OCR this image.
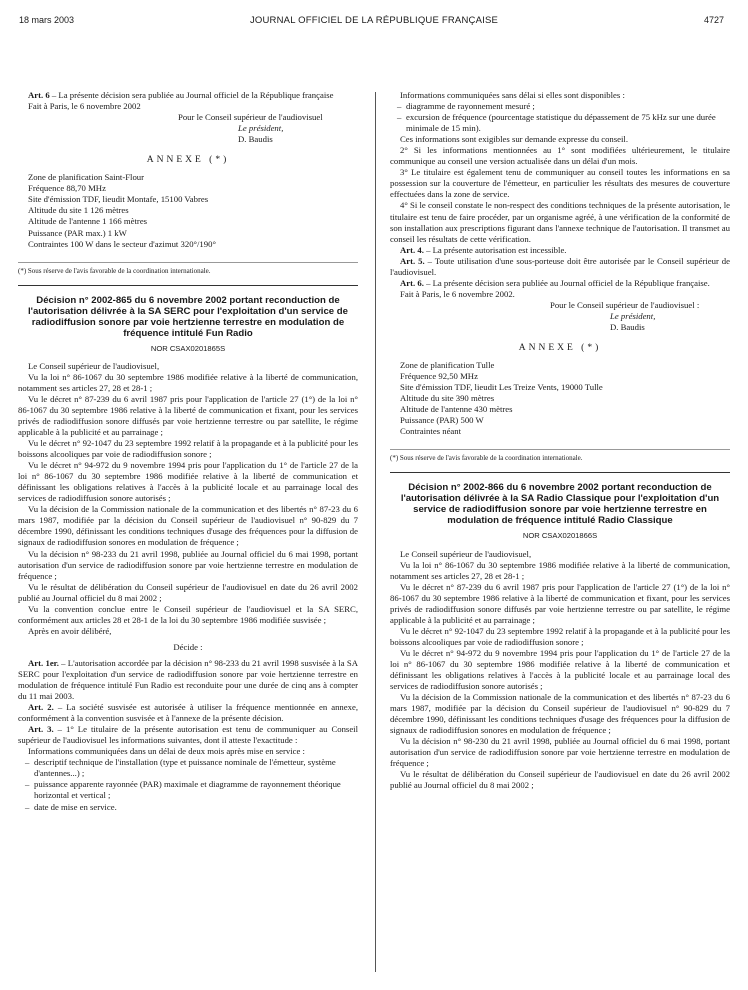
18 mars 2003	JOURNAL OFFICIEL DE LA RÉPUBLIQUE FRANÇAISE	4727

Art. 6 – La présente décision sera publiée au Journal officiel de la République française

Fait à Paris, le 6 novembre 2002

Pour le Conseil supérieur de l'audiovisuel
Le président,
D. Baudis
ANNEXE (*)
Zone de planification Saint-Flour
Fréquence 88,70 MHz
Site d'émission TDF, lieudit Montafe, 15100 Vabres
Altitude du site 1 126 mètres
Altitude de l'antenne 1 166 mètres
Puissance (PAR max.) 1 kW
Contraintes 100 W dans le secteur d'azimut 320°/190°
(*) Sous réserve de l'avis favorable de la coordination internationale.
Décision n° 2002-865 du 6 novembre 2002 portant reconduction de l'autorisation délivrée à la SA SERC pour l'exploitation d'un service de radiodiffusion sonore par voie hertzienne terrestre en modulation de fréquence intitulé Fun Radio
NOR CSAX0201865S

Le Conseil supérieur de l'audiovisuel,

Vu la loi n° 86-1067 du 30 septembre 1986 modifiée relative à la liberté de communication, notamment ses articles 27, 28 et 28-1 ;

Vu le décret n° 87-239 du 6 avril 1987 pris pour l'application de l'article 27 (1°) de la loi n° 86-1067 du 30 septembre 1986 relative à la liberté de communication et fixant, pour les services privés de radiodiffusion sonore diffusés par voie hertzienne terrestre ou par satellite, le régime applicable à la publicité et au parrainage ;

Vu le décret n° 92-1047 du 23 septembre 1992 relatif à la propagande et à la publicité pour les boissons alcooliques par voie de radiodiffusion sonore ;

Vu le décret n° 94-972 du 9 novembre 1994 pris pour l'application du 1° de l'article 27 de la loi n° 86-1067 du 30 septembre 1986 modifiée relative à la liberté de communication et définissant les obligations relatives à l'accès à la publicité locale et au parrainage local des services de radiodiffusion sonore autorisés ;

Vu la décision de la Commission nationale de la communication et des libertés n° 87-23 du 6 mars 1987, modifiée par la décision du Conseil supérieur de l'audiovisuel n° 90-829 du 7 décembre 1990, définissant les conditions techniques d'usage des fréquences pour la diffusion de signaux de radiodiffusion sonores en modulation de fréquence ;

Vu la décision n° 98-233 du 21 avril 1998, publiée au Journal officiel du 6 mai 1998, portant autorisation d'un service de radiodiffusion sonore par voie hertzienne terrestre en modulation de fréquence ;

Vu le résultat de délibération du Conseil supérieur de l'audiovisuel en date du 26 avril 2002 publié au Journal officiel du 8 mai 2002 ;

Vu la convention conclue entre le Conseil supérieur de l'audiovisuel et la SA SERC, conformément aux articles 28 et 28-1 de la loi du 30 septembre 1986 modifiée susvisée ;

Après en avoir délibéré,

Décide :

Art. 1er. – L'autorisation accordée par la décision n° 98-233 du 21 avril 1998 susvisée à la SA SERC pour l'exploitation d'un service de radiodiffusion sonore par voie hertzienne terrestre en modulation de fréquence intitulé Fun Radio est reconduite pour une durée de cinq ans à compter du 11 mai 2003.

Art. 2. – La société susvisée est autorisée à utiliser la fréquence mentionnée en annexe, conformément à la convention susvisée et à l'annexe de la présente décision.

Art. 3. – 1° Le titulaire de la présente autorisation est tenu de communiquer au Conseil supérieur de l'audiovisuel les informations suivantes, dont il atteste l'exactitude :

Informations communiquées dans un délai de deux mois après mise en service :

– descriptif technique de l'installation (type et puissance nominale de l'émetteur, système d'antennes...) ;
– puissance apparente rayonnée (PAR) maximale et diagramme de rayonnement théorique horizontal et vertical ;
– date de mise en service.

Informations communiquées sans délai si elles sont disponibles :

– diagramme de rayonnement mesuré ;
– excursion de fréquence (pourcentage statistique du dépassement de 75 kHz sur une durée minimale de 15 min).

Ces informations sont exigibles sur demande expresse du conseil.

2° Si les informations mentionnées au 1° sont modifiées ultérieurement, le titulaire communique au conseil une version actualisée dans un délai d'un mois.

3° Le titulaire est également tenu de communiquer au conseil toutes les informations en sa possession sur la couverture de l'émetteur, en particulier les résultats des mesures de couverture effectuées dans la zone de service.

4° Si le conseil constate le non-respect des conditions techniques de la présente autorisation, le titulaire est tenu de faire procéder, par un organisme agréé, à une vérification de la conformité de son installation aux prescriptions figurant dans l'annexe technique de l'autorisation. Il transmet au conseil les résultats de cette vérification.

Art. 4. – La présente autorisation est incessible.

Art. 5. – Toute utilisation d'une sous-porteuse doit être autorisée par le Conseil supérieur de l'audiovisuel.

Art. 6. – La présente décision sera publiée au Journal officiel de la République française.

Fait à Paris, le 6 novembre 2002.

Pour le Conseil supérieur de l'audiovisuel :
Le président,
D. Baudis
ANNEXE (*)
Zone de planification Tulle
Fréquence 92,50 MHz
Site d'émission TDF, lieudit Les Treize Vents, 19000 Tulle
Altitude du site 390 mètres
Altitude de l'antenne 430 mètres
Puissance (PAR) 500 W
Contraintes néant
(*) Sous réserve de l'avis favorable de la coordination internationale.
Décision n° 2002-866 du 6 novembre 2002 portant reconduction de l'autorisation délivrée à la SA Radio Classique pour l'exploitation d'un service de radiodiffusion sonore par voie hertzienne terrestre en modulation de fréquence intitulé Radio Classique
NOR CSAX0201866S

Le Conseil supérieur de l'audiovisuel,

Vu la loi n° 86-1067 du 30 septembre 1986 modifiée relative à la liberté de communication, notamment ses articles 27, 28 et 28-1 ;

Vu le décret n° 87-239 du 6 avril 1987 pris pour l'application de l'article 27 (1°) de la loi n° 86-1067 du 30 septembre 1986 relative à la liberté de communication et fixant, pour les services privés de radiodiffusion sonore diffusés par voie hertzienne terrestre ou par satellite, le régime applicable à la publicité et au parrainage ;

Vu le décret n° 92-1047 du 23 septembre 1992 relatif à la propagande et à la publicité pour les boissons alcooliques par voie de radiodiffusion sonore ;

Vu le décret n° 94-972 du 9 novembre 1994 pris pour l'application du 1° de l'article 27 de la loi n° 86-1067 du 30 septembre 1986 modifiée relative à la liberté de communication et définissant les obligations relatives à l'accès à la publicité locale et au parrainage local des services de radiodiffusion sonore autorisés ;

Vu la décision de la Commission nationale de la communication et des libertés n° 87-23 du 6 mars 1987, modifiée par la décision du Conseil supérieur de l'audiovisuel n° 90-829 du 7 décembre 1990, définissant les conditions techniques d'usage des fréquences pour la diffusion de signaux de radiodiffusion sonores en modulation de fréquence ;

Vu la décision n° 98-230 du 21 avril 1998, publiée au Journal officiel du 6 mai 1998, portant autorisation d'un service de radiodiffusion sonore par voie hertzienne terrestre en modulation de fréquence ;

Vu le résultat de délibération du Conseil supérieur de l'audiovisuel en date du 26 avril 2002 publié au Journal officiel du 8 mai 2002 ;
